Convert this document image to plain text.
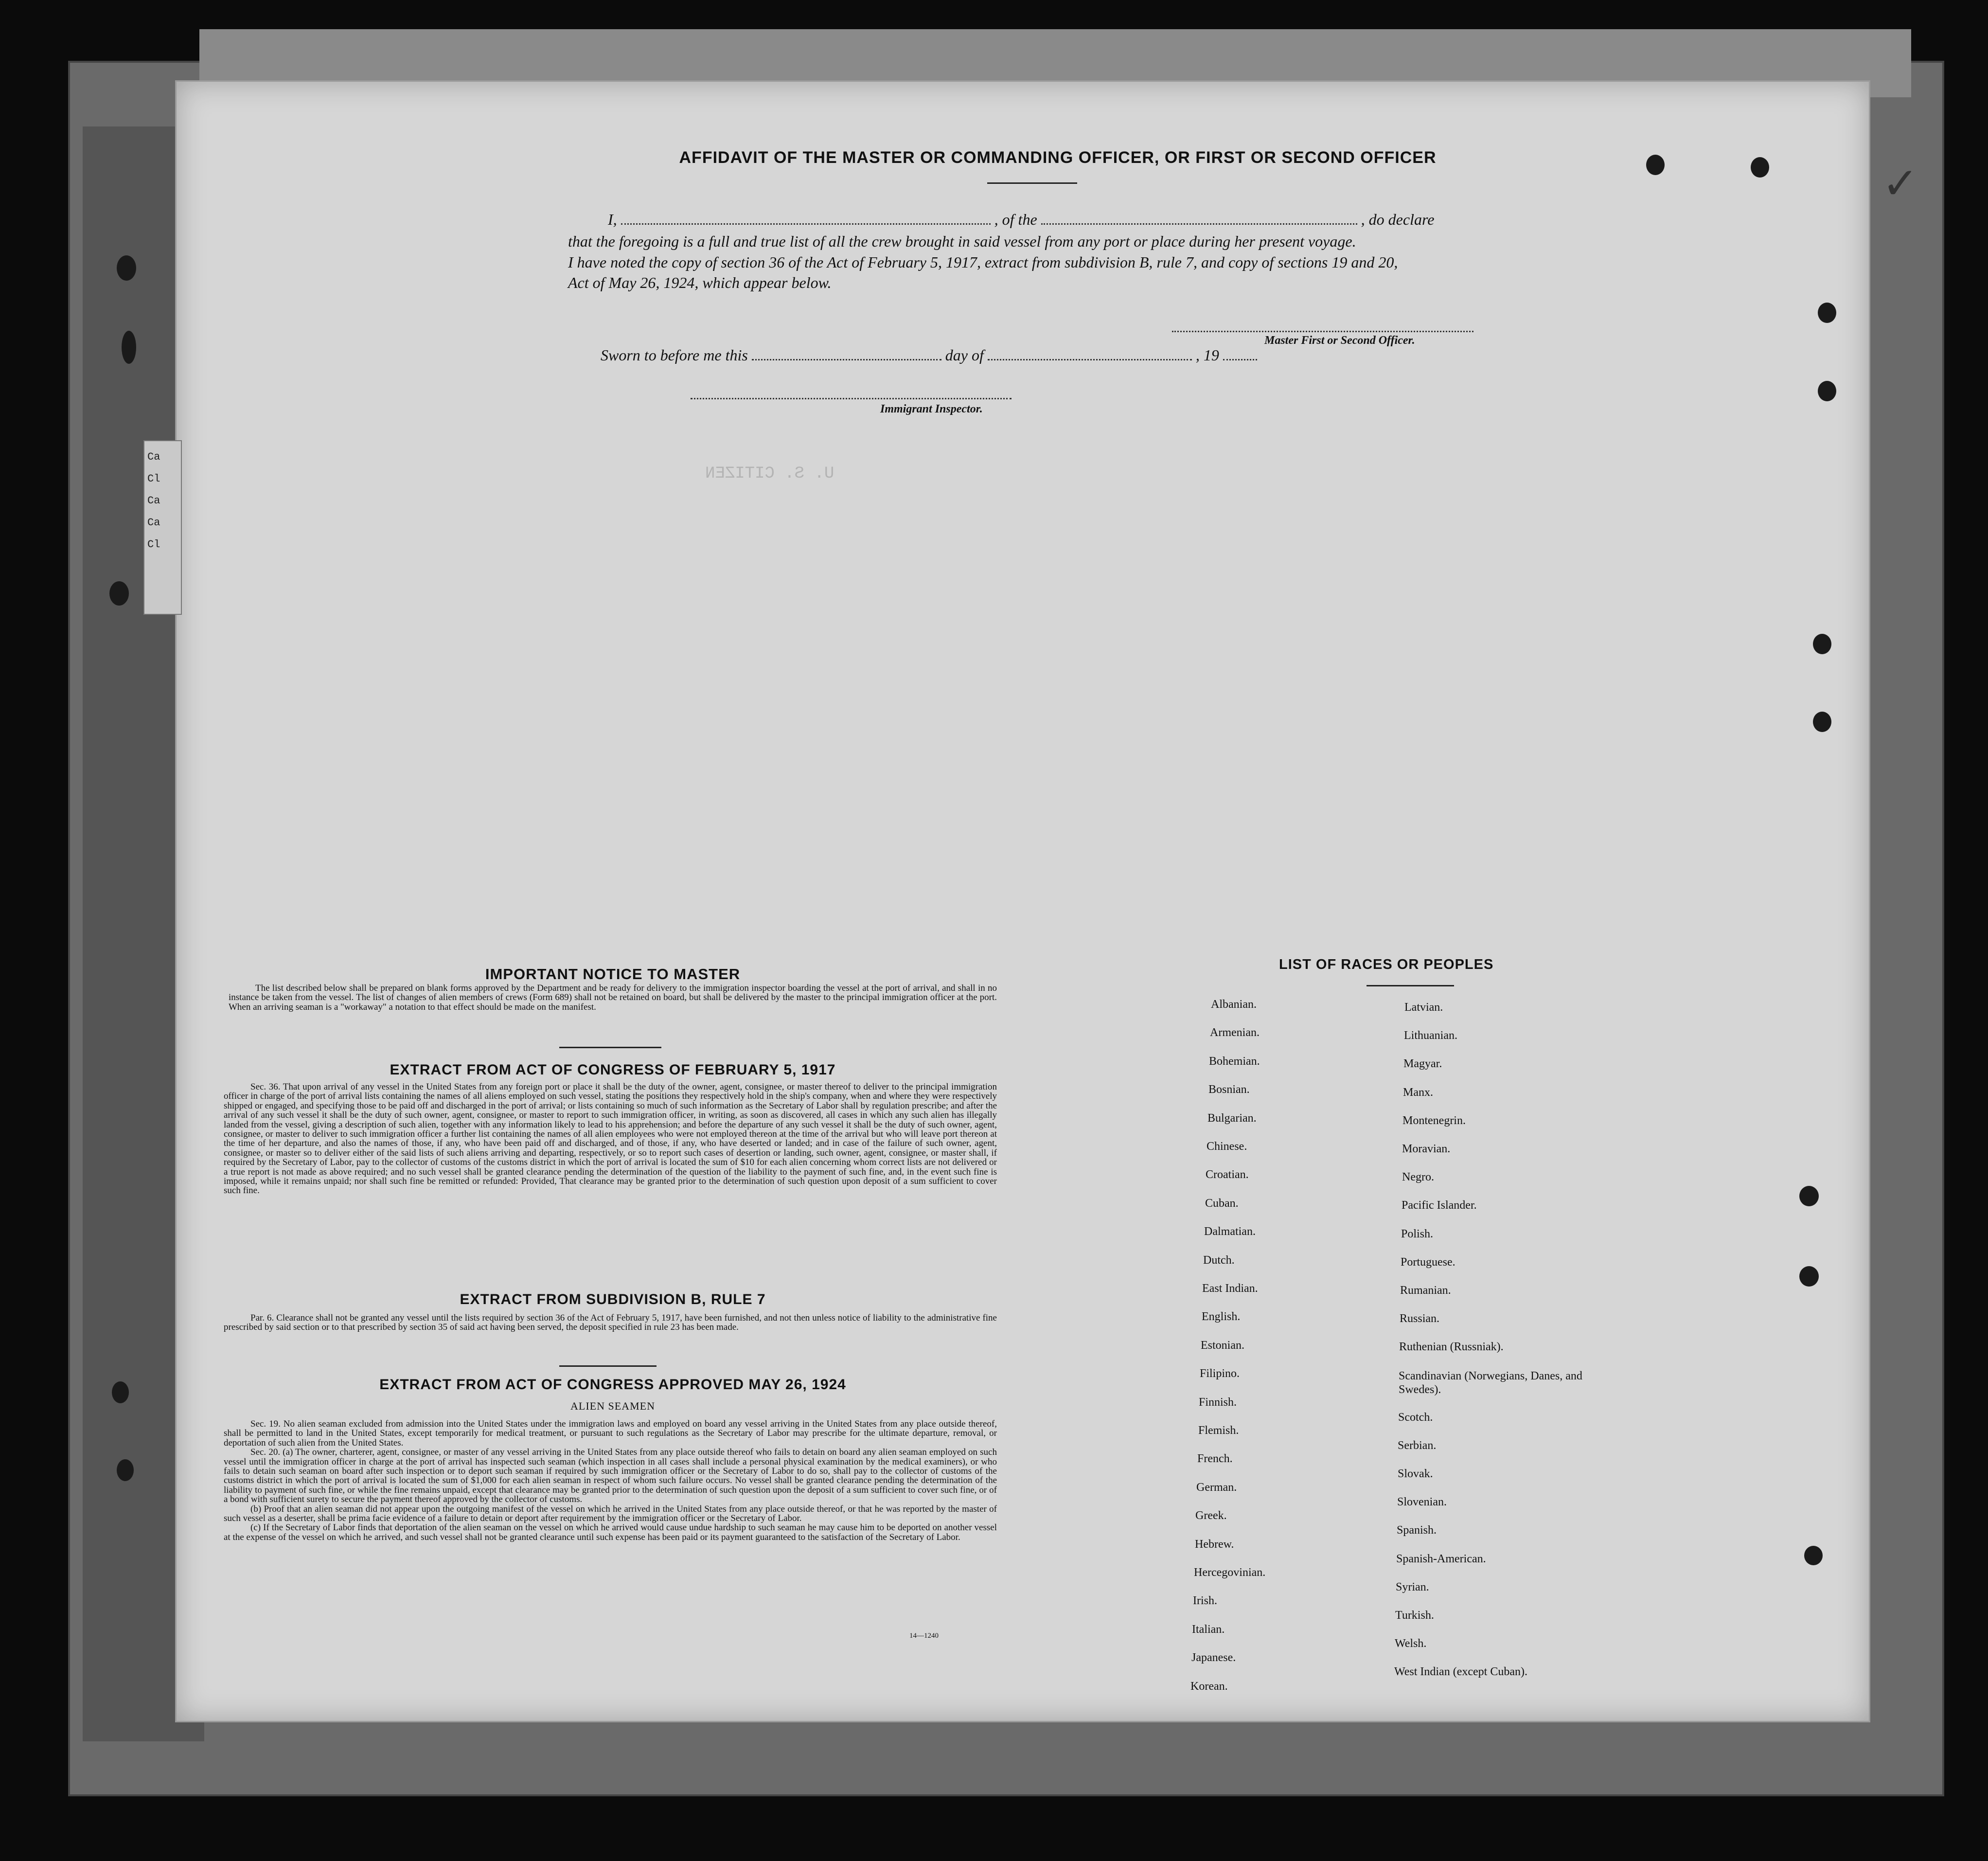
Ca
Cl
Ca
Ca
Cl
U. S. CITIZEN
✓
AFFIDAVIT OF THE MASTER OR COMMANDING OFFICER, OR FIRST OR SECOND OFFICER
I,	, of the	, do declare
that the foregoing is a full and true list of all the crew brought in said vessel from any port or place during her present voyage.
I have noted the copy of section 36 of the Act of February 5, 1917, extract from subdivision B, rule 7, and copy of sections 19 and 20,
Act of May 26, 1924, which appear below.
Master First or Second Officer.
Sworn to before me this	day of	, 19
Immigrant Inspector.
IMPORTANT NOTICE TO MASTER

The list described below shall be prepared on blank forms approved by the Department and be ready for delivery to the immigration inspector boarding the vessel at the port of arrival, and shall in no instance be taken from the vessel. The list of changes of alien members of crews (Form 689) shall not be retained on board, but shall be delivered by the master to the principal immigration officer at the port. When an arriving seaman is a "workaway" a notation to that effect should be made on the manifest.

EXTRACT FROM ACT OF CONGRESS OF FEBRUARY 5, 1917

Sec. 36. That upon arrival of any vessel in the United States from any foreign port or place it shall be the duty of the owner, agent, consignee, or master thereof to deliver to the principal immigration officer in charge of the port of arrival lists containing the names of all aliens employed on such vessel, stating the positions they respectively hold in the ship's company, when and where they were respectively shipped or engaged, and specifying those to be paid off and discharged in the port of arrival; or lists containing so much of such information as the Secretary of Labor shall by regulation prescribe; and after the arrival of any such vessel it shall be the duty of such owner, agent, consignee, or master to report to such immigration officer, in writing, as soon as discovered, all cases in which any such alien has illegally landed from the vessel, giving a description of such alien, together with any information likely to lead to his apprehension; and before the departure of any such vessel it shall be the duty of such owner, agent, consignee, or master to deliver to such immigration officer a further list containing the names of all alien employees who were not employed thereon at the time of the arrival but who will leave port thereon at the time of her departure, and also the names of those, if any, who have been paid off and discharged, and of those, if any, who have deserted or landed; and in case of the failure of such owner, agent, consignee, or master so to deliver either of the said lists of such aliens arriving and departing, respectively, or so to report such cases of desertion or landing, such owner, agent, consignee, or master shall, if required by the Secretary of Labor, pay to the collector of customs of the customs district in which the port of arrival is located the sum of $10 for each alien concerning whom correct lists are not delivered or a true report is not made as above required; and no such vessel shall be granted clearance pending the determination of the question of the liability to the payment of such fine, and, in the event such fine is imposed, while it remains unpaid; nor shall such fine be remitted or refunded: Provided, That clearance may be granted prior to the determination of such question upon deposit of a sum sufficient to cover such fine.

EXTRACT FROM SUBDIVISION B, RULE 7

Par. 6. Clearance shall not be granted any vessel until the lists required by section 36 of the Act of February 5, 1917, have been furnished, and not then unless notice of liability to the administrative fine prescribed by said section or to that prescribed by section 35 of said act having been served, the deposit specified in rule 23 has been made.

EXTRACT FROM ACT OF CONGRESS APPROVED MAY 26, 1924
ALIEN SEAMEN

Sec. 19. No alien seaman excluded from admission into the United States under the immigration laws and employed on board any vessel arriving in the United States from any place outside thereof, shall be permitted to land in the United States, except temporarily for medical treatment, or pursuant to such regulations as the Secretary of Labor may prescribe for the ultimate departure, removal, or deportation of such alien from the United States.

Sec. 20. (a) The owner, charterer, agent, consignee, or master of any vessel arriving in the United States from any place outside thereof who fails to detain on board any alien seaman employed on such vessel until the immigration officer in charge at the port of arrival has inspected such seaman (which inspection in all cases shall include a personal physical examination by the medical examiners), or who fails to detain such seaman on board after such inspection or to deport such seaman if required by such immigration officer or the Secretary of Labor to do so, shall pay to the collector of customs of the customs district in which the port of arrival is located the sum of $1,000 for each alien seaman in respect of whom such failure occurs. No vessel shall be granted clearance pending the determination of the liability to payment of such fine, or while the fine remains unpaid, except that clearance may be granted prior to the determination of such question upon the deposit of a sum sufficient to cover such fine, or of a bond with sufficient surety to secure the payment thereof approved by the collector of customs.

(b) Proof that an alien seaman did not appear upon the outgoing manifest of the vessel on which he arrived in the United States from any place outside thereof, or that he was reported by the master of such vessel as a deserter, shall be prima facie evidence of a failure to detain or deport after requirement by the immigration officer or the Secretary of Labor.

(c) If the Secretary of Labor finds that deportation of the alien seaman on the vessel on which he arrived would cause undue hardship to such seaman he may cause him to be deported on another vessel at the expense of the vessel on which he arrived, and such vessel shall not be granted clearance until such expense has been paid or its payment guaranteed to the satisfaction of the Secretary of Labor.

14—1240
LIST OF RACES OR PEOPLES
Albanian.
Armenian.
Bohemian.
Bosnian.
Bulgarian.
Chinese.
Croatian.
Cuban.
Dalmatian.
Dutch.
East Indian.
English.
Estonian.
Filipino.
Finnish.
Flemish.
French.
German.
Greek.
Hebrew.
Hercegovinian.
Irish.
Italian.
Japanese.
Korean.
Latvian.
Lithuanian.
Magyar.
Manx.
Montenegrin.
Moravian.
Negro.
Pacific Islander.
Polish.
Portuguese.
Rumanian.
Russian.
Ruthenian (Russniak).
Scandinavian (Norwegians, Danes, and Swedes).
Scotch.
Serbian.
Slovak.
Slovenian.
Spanish.
Spanish-American.
Syrian.
Turkish.
Welsh.
West Indian (except Cuban).
